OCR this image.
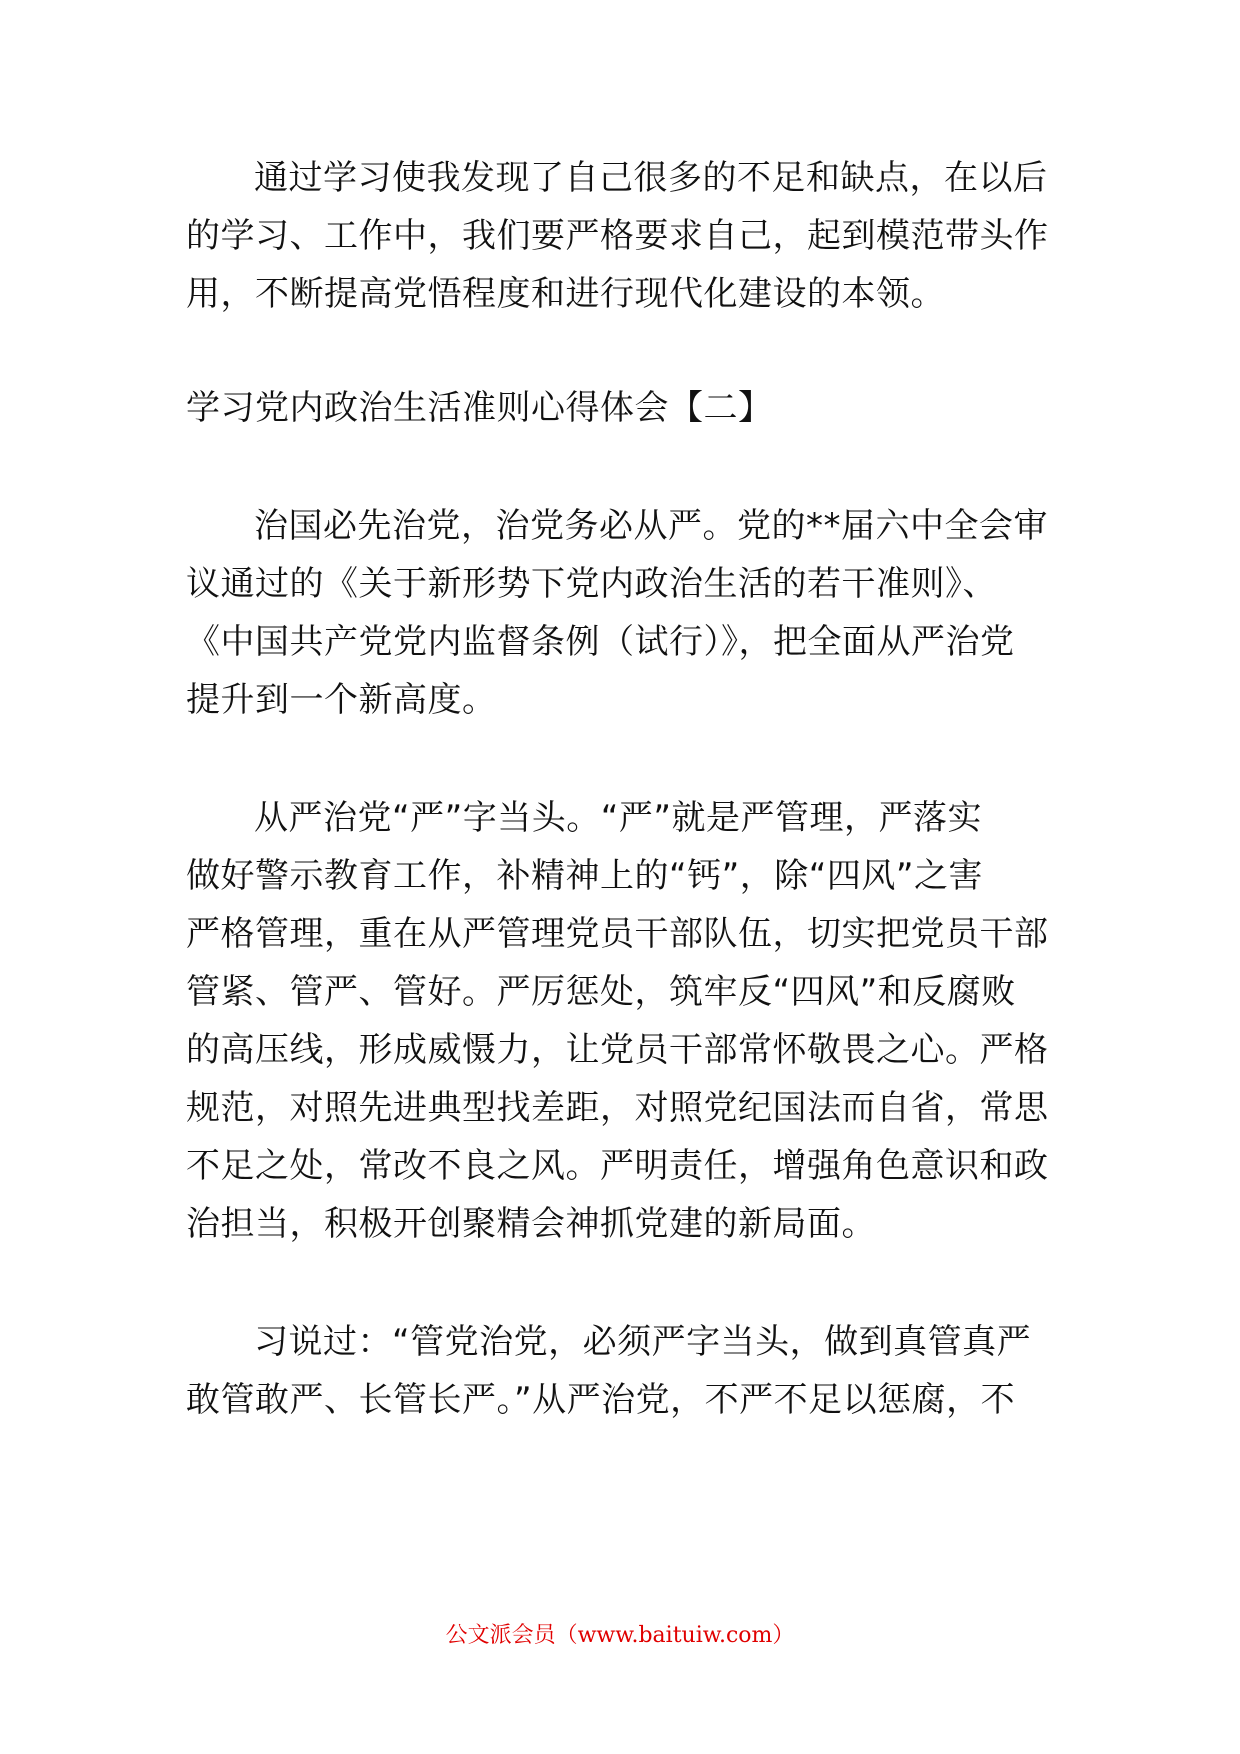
通过学习使我发现了自己很多的不足和缺点，在以后
的学习、工作中，我们要严格要求自己，起到模范带头作
用，不断提高党悟程度和进行现代化建设的本领。
学习党内政治生活准则心得体会【二】
治国必先治党，治党务必从严。党的**届六中全会审
议通过的《关于新形势下党内政治生活的若干准则》、
《中国共产党党内监督条例（试行）》，把全面从严治党
提升到一个新高度。
从严治党“严”字当头。“严”就是严管理，严落实
做好警示教育工作，补精神上的“钙”，除“四风”之害
严格管理，重在从严管理党员干部队伍，切实把党员干部
管紧、管严、管好。严厉惩处，筑牢反“四风”和反腐败
的高压线，形成威慑力，让党员干部常怀敬畏之心。严格
规范，对照先进典型找差距，对照党纪国法而自省，常思
不足之处，常改不良之风。严明责任，增强角色意识和政
治担当，积极开创聚精会神抓党建的新局面。
习说过：“管党治党，必须严字当头，做到真管真严
敢管敢严、长管长严。”从严治党，不严不足以惩腐，不
公文派会员（www.baituiw.com）
